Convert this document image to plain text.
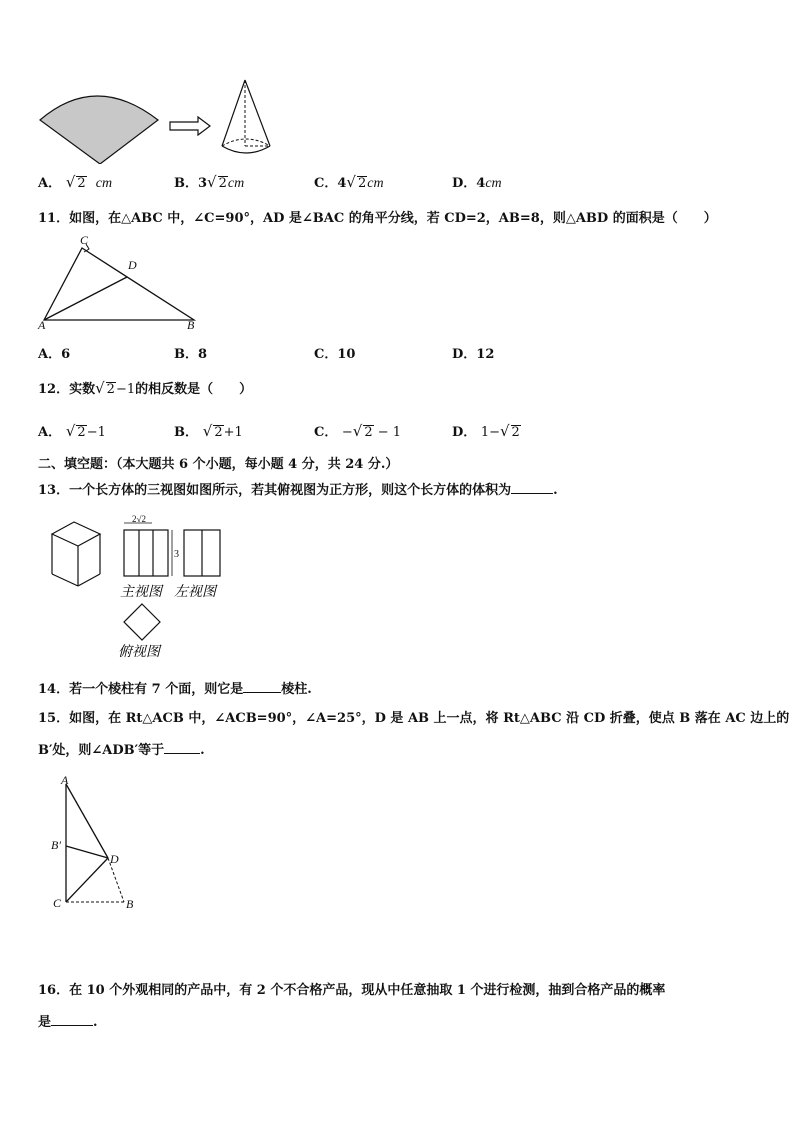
A． √ 2 cm	B．3√ 2cm	C．4√ 2cm	D．4cm
11．如图，在△ABC 中，∠C=90°，AD 是∠BAC 的角平分线，若 CD=2，AB=8，则△ABD 的面积是（　　）
C
D
A	B
A．6	B．8	C．10	D．12
12．实数√ 2−1的相反数是（　　）
A． √ 2−1	B． √ 2+1	C． −√ 2 − 1	D． 1−√ 2
二、填空题：（本大题共 6 个小题，每小题 4 分，共 24 分.）
13．一个长方体的三视图如图所示，若其俯视图为正方形，则这个长方体的体积为	.
2√2
3
主视图 左视图
俯视图
14．若一个棱柱有 7 个面，则它是	棱柱.
15．如图，在 Rt△ACB 中，∠ACB=90°，∠A=25°，D 是 AB 上一点，将 Rt△ABC 沿 CD 折叠，使点 B 落在 AC 边上的
B′处，则∠ADB′等于	.
A
B′
D
C	B
16．在 10 个外观相同的产品中，有 2 个不合格产品，现从中任意抽取 1 个进行检测，抽到合格产品的概率
是	.
